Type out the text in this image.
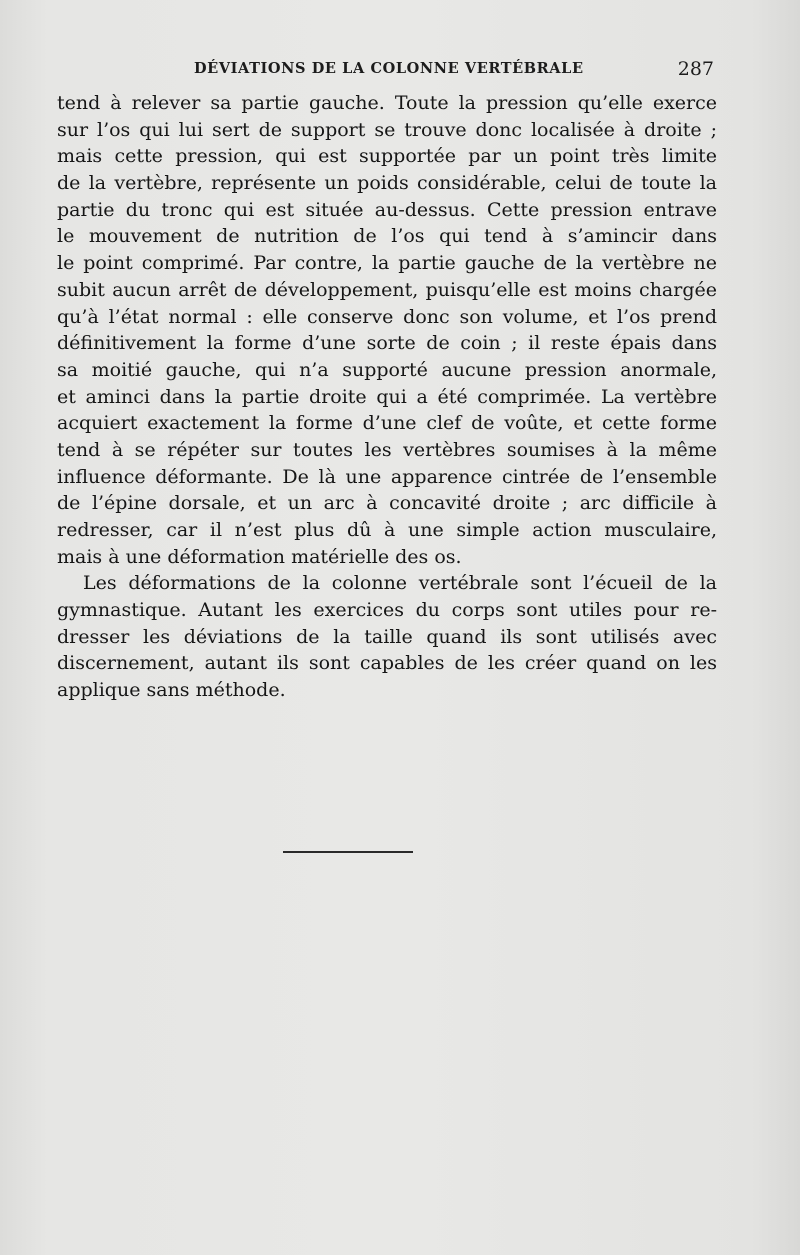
DÉVIATIONS DE LA COLONNE VERTÉBRALE	287
tend à relever sa partie gauche. Toute la pression qu’elle exerce
sur l’os qui lui sert de support se trouve donc localisée à droite ;
mais cette pression, qui est supportée par un point très limite
de la vertèbre, représente un poids considérable, celui de toute la
partie du tronc qui est située au-dessus. Cette pression entrave
le mouvement de nutrition de l’os qui tend à s’amincir dans
le point comprimé. Par contre, la partie gauche de la vertèbre ne
subit aucun arrêt de développement, puisqu’elle est moins chargée
qu’à l’état normal : elle conserve donc son volume, et l’os prend
définitivement la forme d’une sorte de coin ; il reste épais dans
sa moitié gauche, qui n’a supporté aucune pression anormale,
et aminci dans la partie droite qui a été comprimée. La vertèbre
acquiert exactement la forme d’une clef de voûte, et cette forme
tend à se répéter sur toutes les vertèbres soumises à la même
influence déformante. De là une apparence cintrée de l’ensemble
de l’épine dorsale, et un arc à concavité droite ; arc difficile à
redresser, car il n’est plus dû à une simple action musculaire,
mais à une déformation matérielle des os.
Les déformations de la colonne vertébrale sont l’écueil de la
gymnastique. Autant les exercices du corps sont utiles pour re-
dresser les déviations de la taille quand ils sont utilisés avec
discernement, autant ils sont capables de les créer quand on les
applique sans méthode.
